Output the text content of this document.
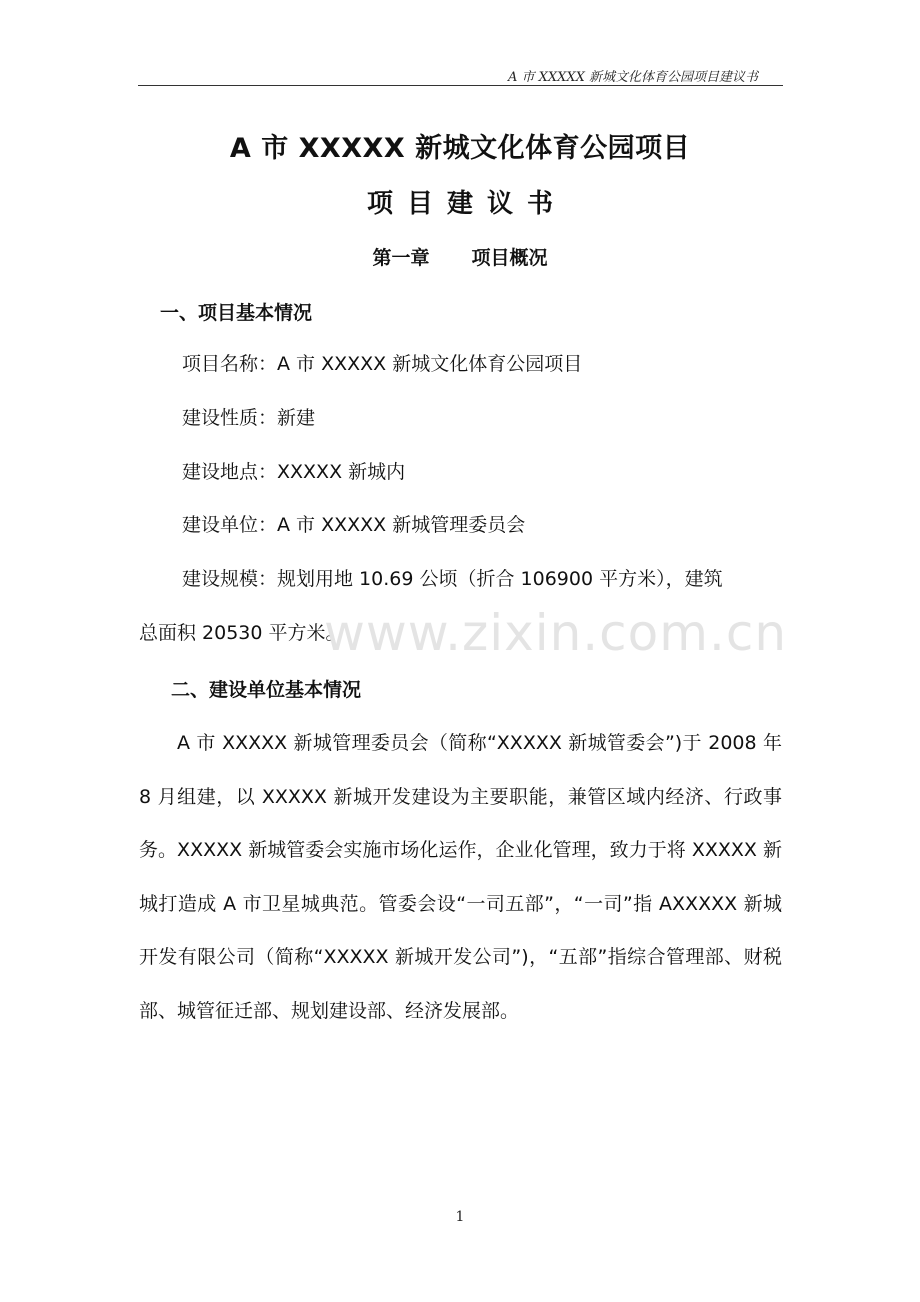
A 市 XXXXX 新城文化体育公园项目建议书
A 市 XXXXX 新城文化体育公园项目
项目建议书
第一章 项目概况
一、项目基本情况
项目名称：A 市 XXXXX 新城文化体育公园项目
建设性质：新建
建设地点：XXXXX 新城内
建设单位：A 市 XXXXX 新城管理委员会
建设规模：规划用地 10.69 公顷（折合 106900 平方米），建筑
总面积 20530 平方米。
www.zixin.com.cn
二、建设单位基本情况
A 市 XXXXX 新城管理委员会（简称“XXXXX 新城管委会”)于 2008 年 8 月组建，以 XXXXX 新城开发建设为主要职能，兼管区域内经济、行政事务。XXXXX 新城管委会实施市场化运作，企业化管理，致力于将 XXXXX 新城打造成 A 市卫星城典范。管委会设“一司五部”，“一司”指 AXXXXX 新城开发有限公司（简称“XXXXX 新城开发公司”)，“五部”指综合管理部、财税部、城管征迁部、规划建设部、经济发展部。
1
